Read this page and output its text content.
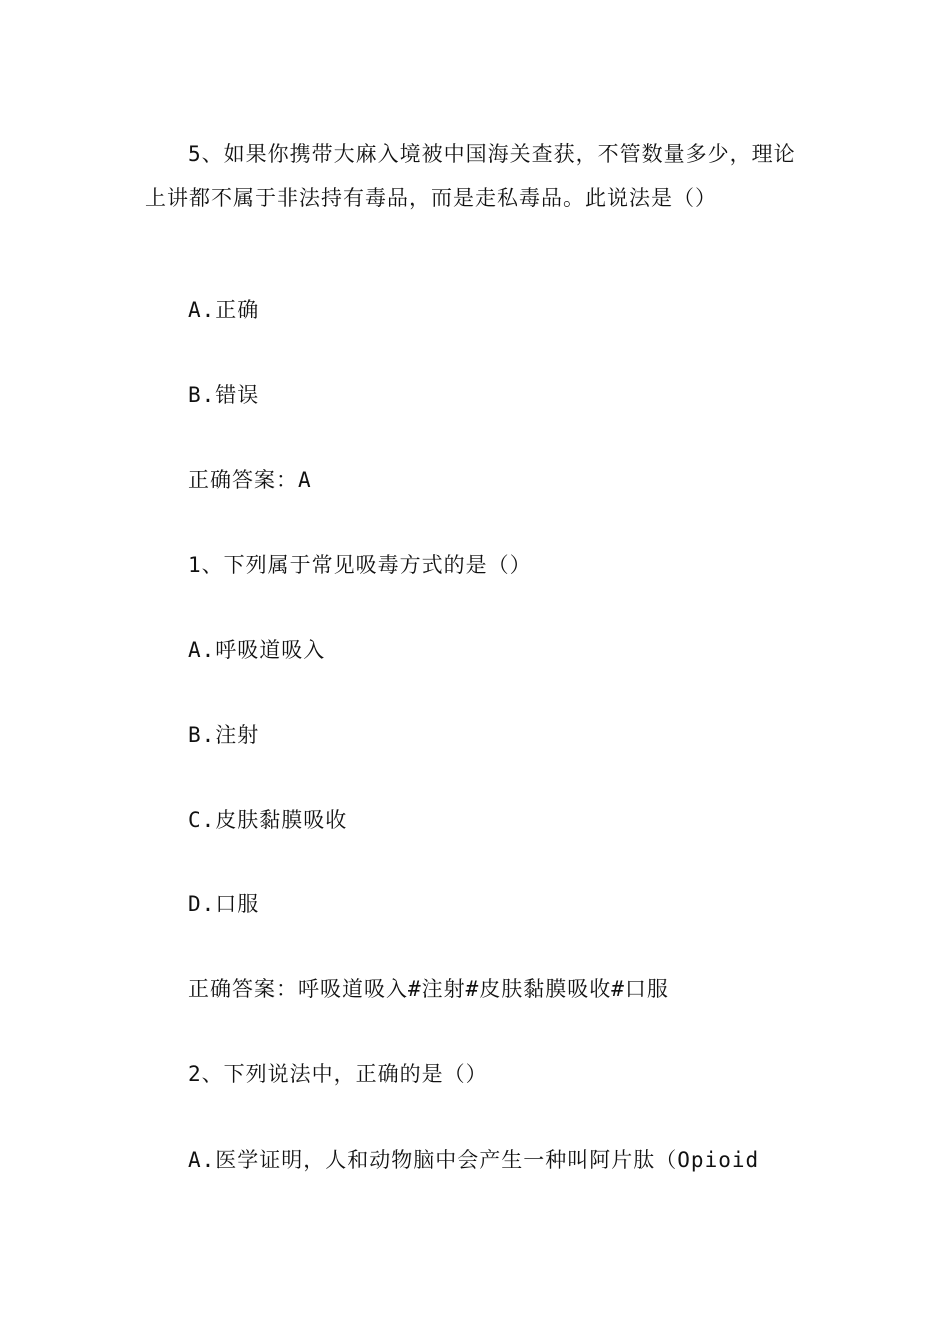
5、如果你携带大麻入境被中国海关查获，不管数量多少，理论
上讲都不属于非法持有毒品，而是走私毒品。此说法是（）
A.正确
B.错误
正确答案：A
1、下列属于常见吸毒方式的是（）
A.呼吸道吸入
B.注射
C.皮肤黏膜吸收
D.口服
正确答案：呼吸道吸入#注射#皮肤黏膜吸收#口服
2、下列说法中，正确的是（）
A.医学证明，人和动物脑中会产生一种叫阿片肽（Opioid
